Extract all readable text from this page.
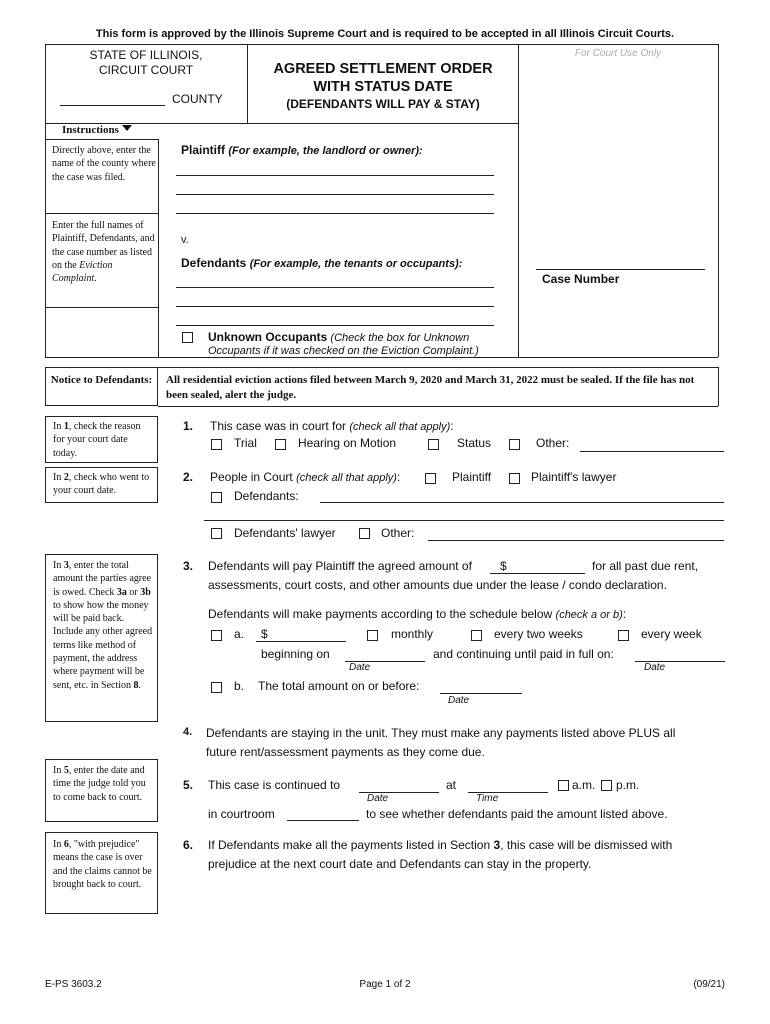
This form is approved by the Illinois Supreme Court and is required to be accepted in all Illinois Circuit Courts.
STATE OF ILLINOIS,
CIRCUIT COURT
COUNTY
AGREED SETTLEMENT ORDER
WITH STATUS DATE
(DEFENDANTS WILL PAY & STAY)
For Court Use Only
Case Number
Instructions
Directly above, enter the name of the county where the case was filed.
Enter the full names of Plaintiff, Defendants, and the case number as listed on the Eviction Complaint.
Plaintiff (For example, the landlord or owner):
v.
Defendants (For example, the tenants or occupants):
Unknown Occupants (Check the box for Unknown
Occupants if it was checked on the Eviction Complaint.)
Notice to Defendants:	All residential eviction actions filed between March 9, 2020 and March 31, 2022 must be sealed. If the file has not been sealed, alert the judge.
In 1, check the reason for your court date today.
In 2, check who went to your court date.
In 3, enter the total amount the parties agree is owed. Check 3a or 3b to show how the money will be paid back. Include any other agreed terms like method of payment, the address where payment will be sent, etc. in Section 8.
In 5, enter the date and time the judge told you to come back to court.
In 6, "with prejudice" means the case is over and the claims cannot be brought back to court.
1. This case was in court for (check all that apply):
Trial	Hearing on Motion	Status	Other:
2. People in Court (check all that apply):	Plaintiff	Plaintiff's lawyer
Defendants:
Defendants' lawyer	Other:
3. Defendants will pay Plaintiff the agreed amount of $	for all past due rent,
assessments, court costs, and other amounts due under the lease / condo declaration.
Defendants will make payments according to the schedule below (check a or b):
a. $	monthly	every two weeks	every week
beginning on
Date
and continuing until paid in full on:
Date
b. The total amount on or before:
Date
4. Defendants are staying in the unit. They must make any payments listed above PLUS all
future rent/assessment payments as they come due.
5. This case is continued to
Date
at
Time
a.m. p.m.
in courtroom	to see whether defendants paid the amount listed above.
6. If Defendants make all the payments listed in Section 3, this case will be dismissed with
prejudice at the next court date and Defendants can stay in the property.
E-PS 3603.2	Page 1 of 2	(09/21)
